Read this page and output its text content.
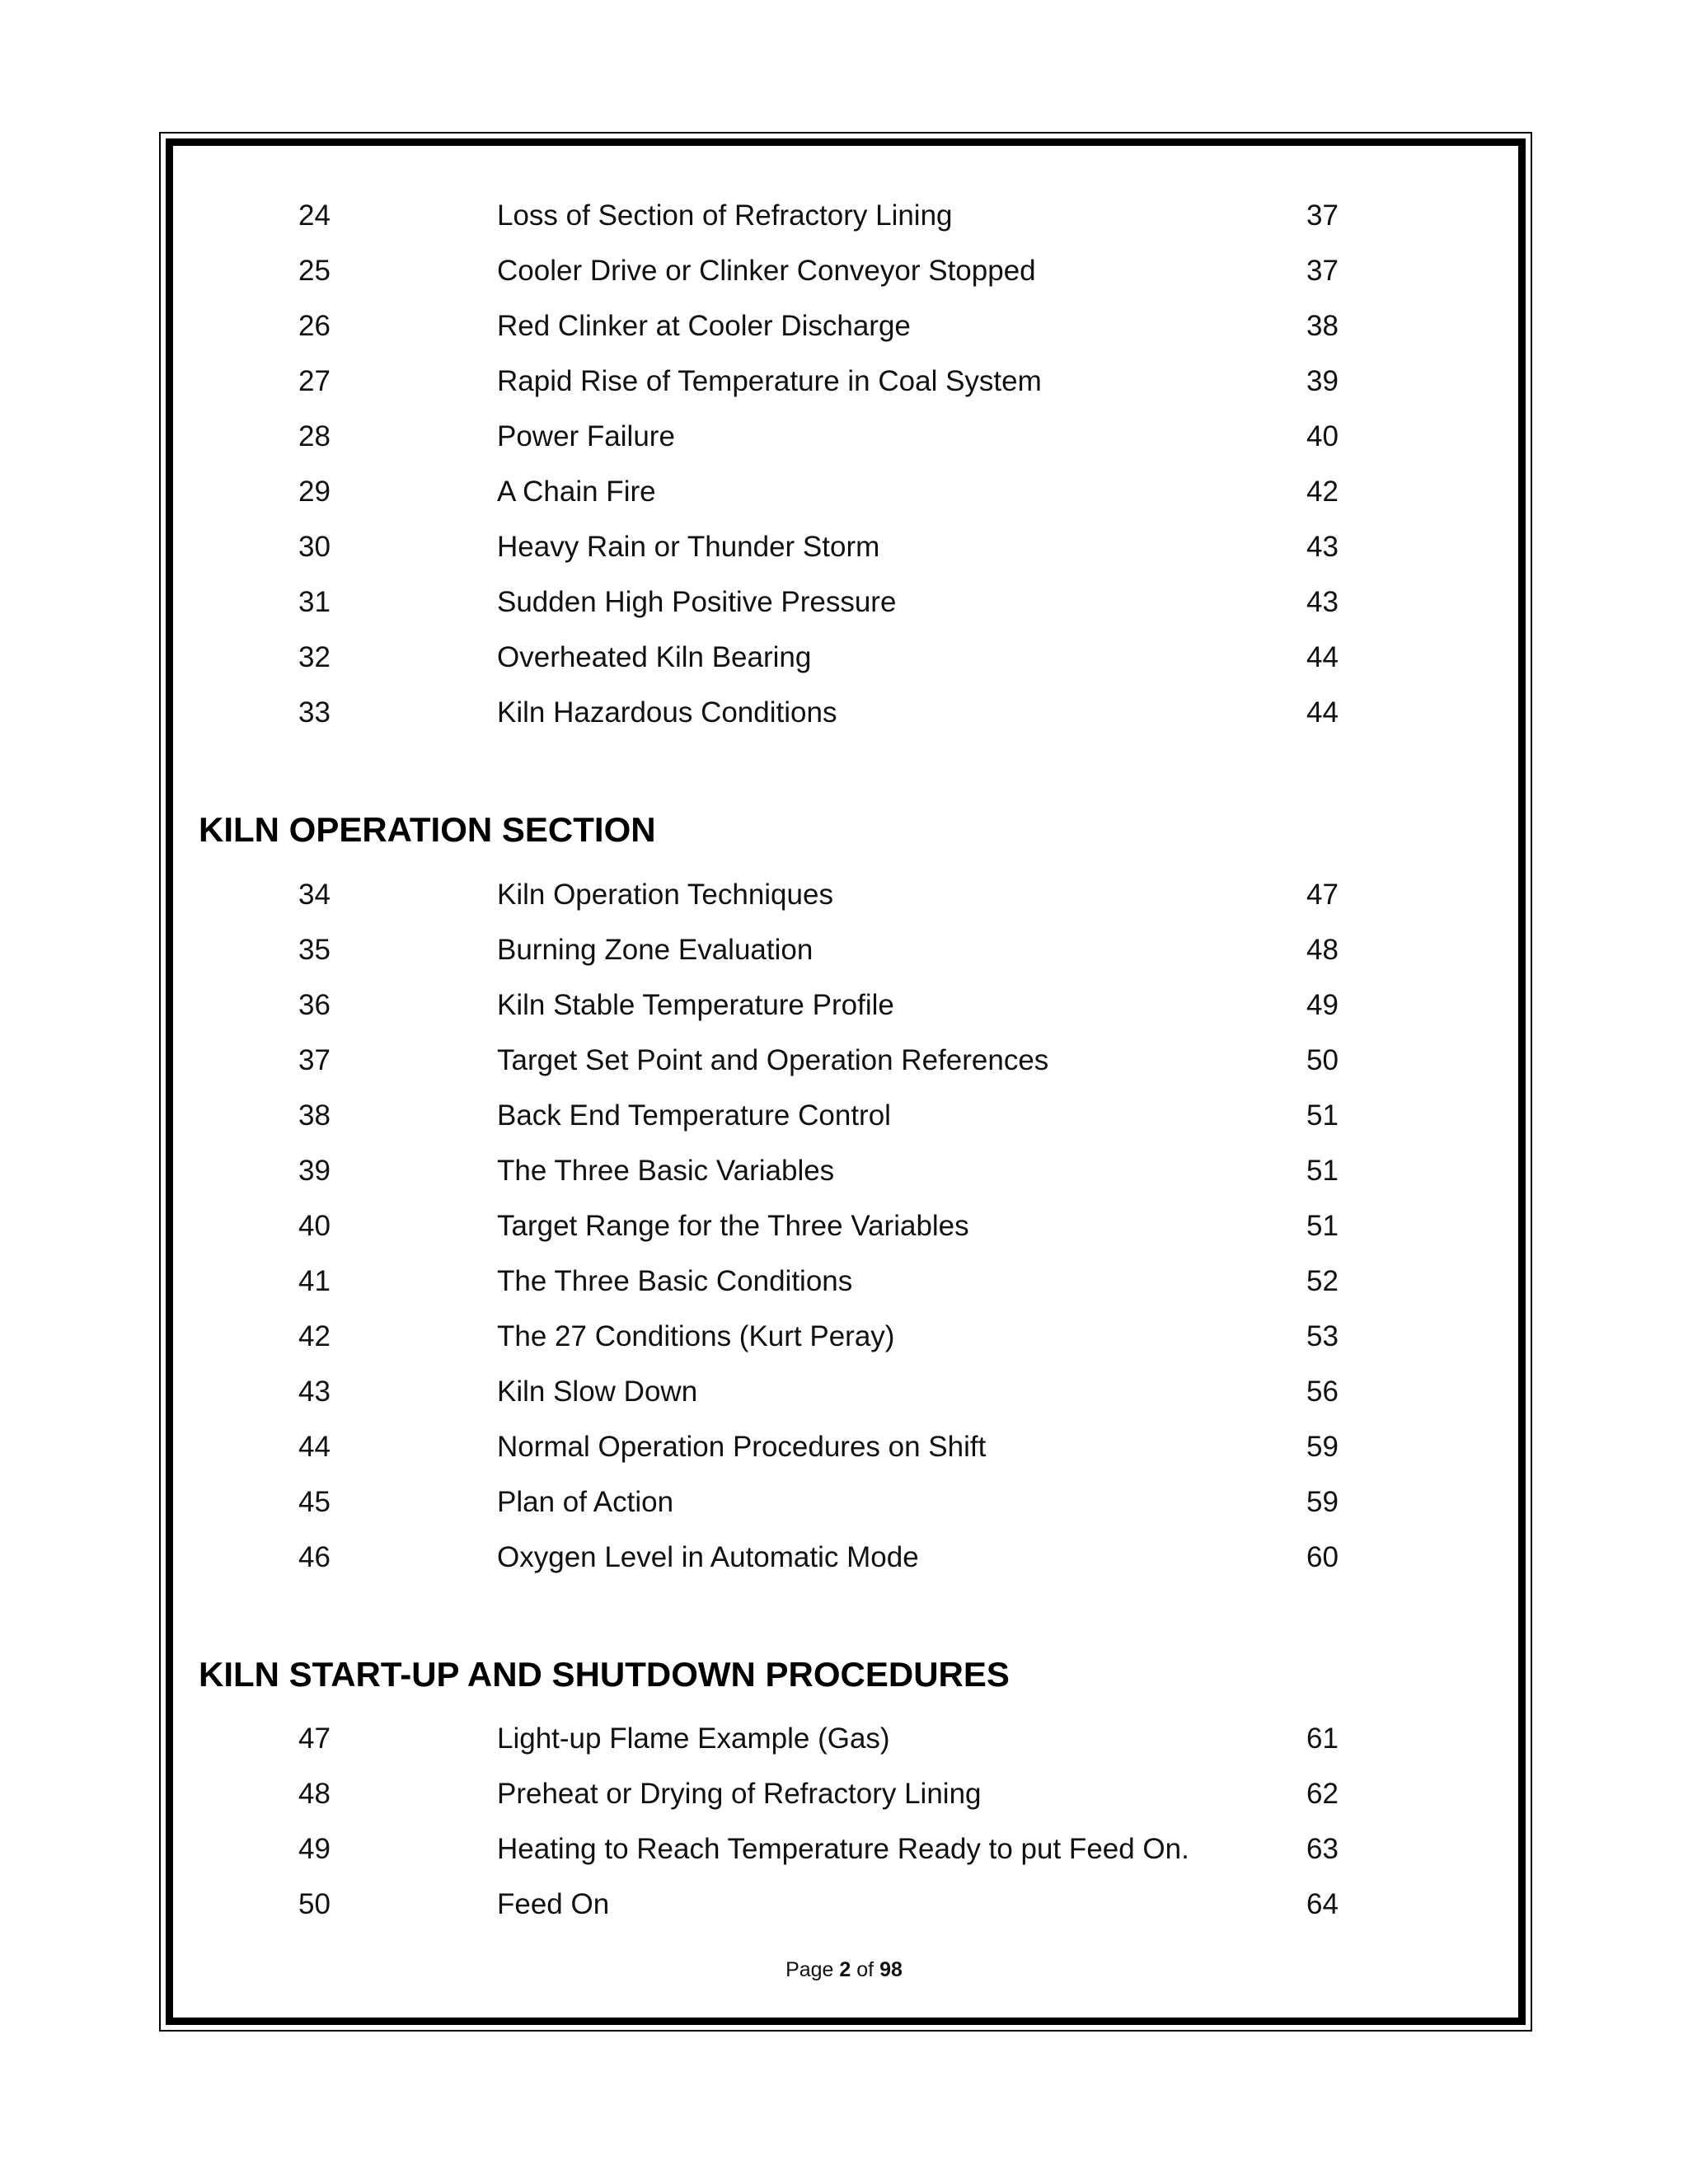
24	Loss of Section of Refractory Lining	37
25	Cooler Drive or Clinker Conveyor Stopped	37
26	Red Clinker at Cooler Discharge	38
27	Rapid Rise of Temperature in Coal System	39
28	Power Failure	40
29	A Chain Fire	42
30	Heavy Rain or Thunder Storm	43
31	Sudden High Positive Pressure	43
32	Overheated Kiln Bearing	44
33	Kiln Hazardous Conditions	44
KILN OPERATION SECTION
34	Kiln Operation Techniques	47
35	Burning Zone Evaluation	48
36	Kiln Stable Temperature Profile	49
37	Target Set Point and Operation References	50
38	Back End Temperature Control	51
39	The Three Basic Variables	51
40	Target Range for the Three Variables	51
41	The Three Basic Conditions	52
42	The 27 Conditions (Kurt Peray)	53
43	Kiln Slow Down	56
44	Normal Operation Procedures on Shift	59
45	Plan of Action	59
46	Oxygen Level in Automatic Mode	60
KILN START-UP AND SHUTDOWN PROCEDURES
47	Light-up Flame Example (Gas)	61
48	Preheat or Drying of Refractory Lining	62
49	Heating to Reach Temperature Ready to put Feed On.	63
50	Feed On	64
Page 2 of 98
